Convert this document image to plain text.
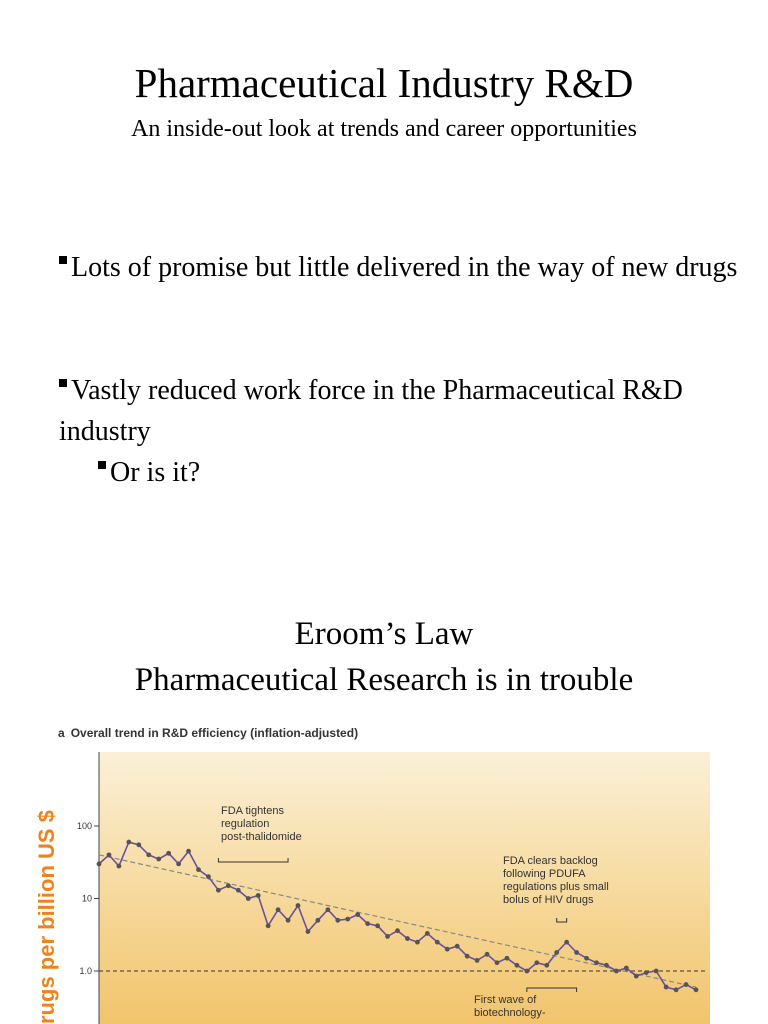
Pharmaceutical Industry R&D
An inside-out look at trends and career opportunities
Lots of promise but little delivered in the way of new drugs
Vastly reduced work force in the Pharmaceutical R&D industry
Or is it?
Eroom’s Law
Pharmaceutical Research is in trouble
a Overall trend in R&D efficiency (inflation-adjusted)
rugs per billion US $ 100
10
1.0
FDA tightens regulation post-thalidomide
FDA clears backlog following PDUFA regulations plus small bolus of HIV drugs
First wave of biotechnology-
